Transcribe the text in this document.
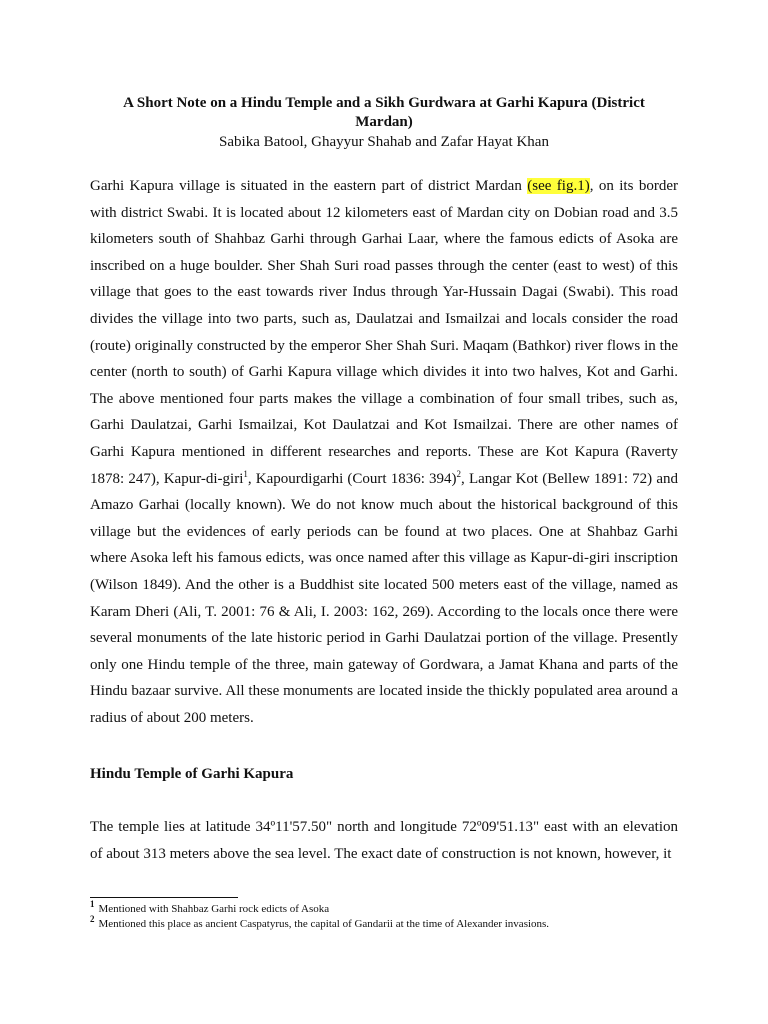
A Short Note on a Hindu Temple and a Sikh Gurdwara at Garhi Kapura (District Mardan)

Sabika Batool, Ghayyur Shahab and Zafar Hayat Khan

Garhi Kapura village is situated in the eastern part of district Mardan (see fig.1), on its border with district Swabi. It is located about 12 kilometers east of Mardan city on Dobian road and 3.5 kilometers south of Shahbaz Garhi through Garhai Laar, where the famous edicts of Asoka are inscribed on a huge boulder. Sher Shah Suri road passes through the center (east to west) of this village that goes to the east towards river Indus through Yar-Hussain Dagai (Swabi). This road divides the village into two parts, such as, Daulatzai and Ismailzai and locals consider the road (route) originally constructed by the emperor Sher Shah Suri. Maqam (Bathkor) river flows in the center (north to south) of Garhi Kapura village which divides it into two halves, Kot and Garhi. The above mentioned four parts makes the village a combination of four small tribes, such as, Garhi Daulatzai, Garhi Ismailzai, Kot Daulatzai and Kot Ismailzai. There are other names of Garhi Kapura mentioned in different researches and reports. These are Kot Kapura (Raverty 1878: 247), Kapur-di-giri$^1$, Kapourdigarhi (Court 1836: 394)$^2$, Langar Kot (Bellew 1891: 72) and Amazo Garhai (locally known). We do not know much about the historical background of this village but the evidences of early periods can be found at two places. One at Shahbaz Garhi where Asoka left his famous edicts, was once named after this village as Kapur-di-giri inscription (Wilson 1849). And the other is a Buddhist site located 500 meters east of the village, named as Karam Dheri (Ali, T. 2001: 76 & Ali, I. 2003: 162, 269). According to the locals once there were several monuments of the late historic period in Garhi Daulatzai portion of the village. Presently only one Hindu temple of the three, main gateway of Gordwara, a Jamat Khana and parts of the Hindu bazaar survive. All these monuments are located inside the thickly populated area around a radius of about 200 meters.

Hindu Temple of Garhi Kapura

The temple lies at latitude 34º11'57.50" north and longitude 72º09'51.13" east with an elevation of about 313 meters above the sea level. The exact date of construction is not known, however, it

$^1$ Mentioned with Shahbaz Garhi rock edicts of Asoka

$^2$ Mentioned this place as ancient Caspatyrus, the capital of Gandarii at the time of Alexander invasions.
